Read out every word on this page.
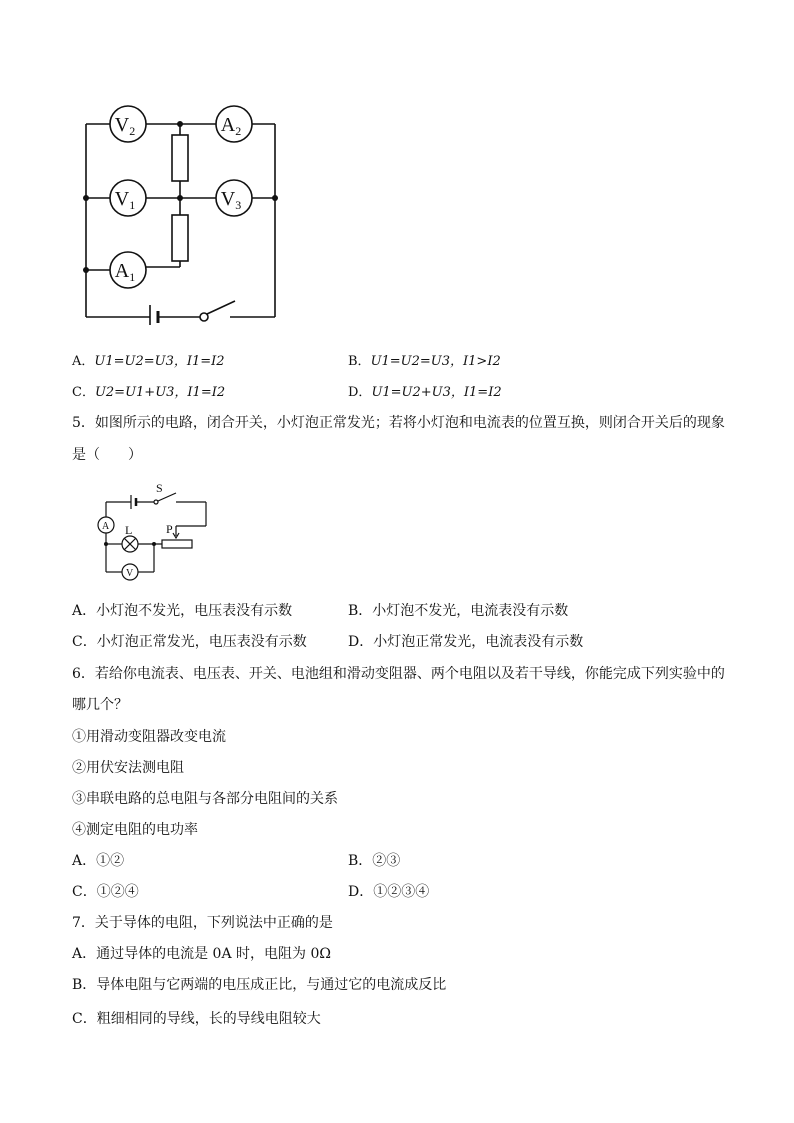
$V_2$	$A_2$
$V_1$	$V_3$
$A_1$
A．U1=U2=U3，I1=I2	B．U1=U2=U3，I1>I2
C．U2=U1+U3，I1=I2	D．U1=U2+U3，I1=I2
5．如图所示的电路，闭合开关，小灯泡正常发光；若将小灯泡和电流表的位置互换，则闭合开关后的现象
是（　　）
S
A L	P
V
A．小灯泡不发光，电压表没有示数	B．小灯泡不发光，电流表没有示数
C．小灯泡正常发光，电压表没有示数	D．小灯泡正常发光，电流表没有示数
6．若给你电流表、电压表、开关、电池组和滑动变阻器、两个电阻以及若干导线，你能完成下列实验中的
哪几个？
①用滑动变阻器改变电流
②用伏安法测电阻
③串联电路的总电阻与各部分电阻间的关系
④测定电阻的电功率
A．①②	B．②③
C．①②④	D．①②③④
7．关于导体的电阻，下列说法中正确的是
A．通过导体的电流是 0A 时，电阻为 0Ω
B．导体电阻与它两端的电压成正比，与通过它的电流成反比
C．粗细相同的导线，长的导线电阻较大
